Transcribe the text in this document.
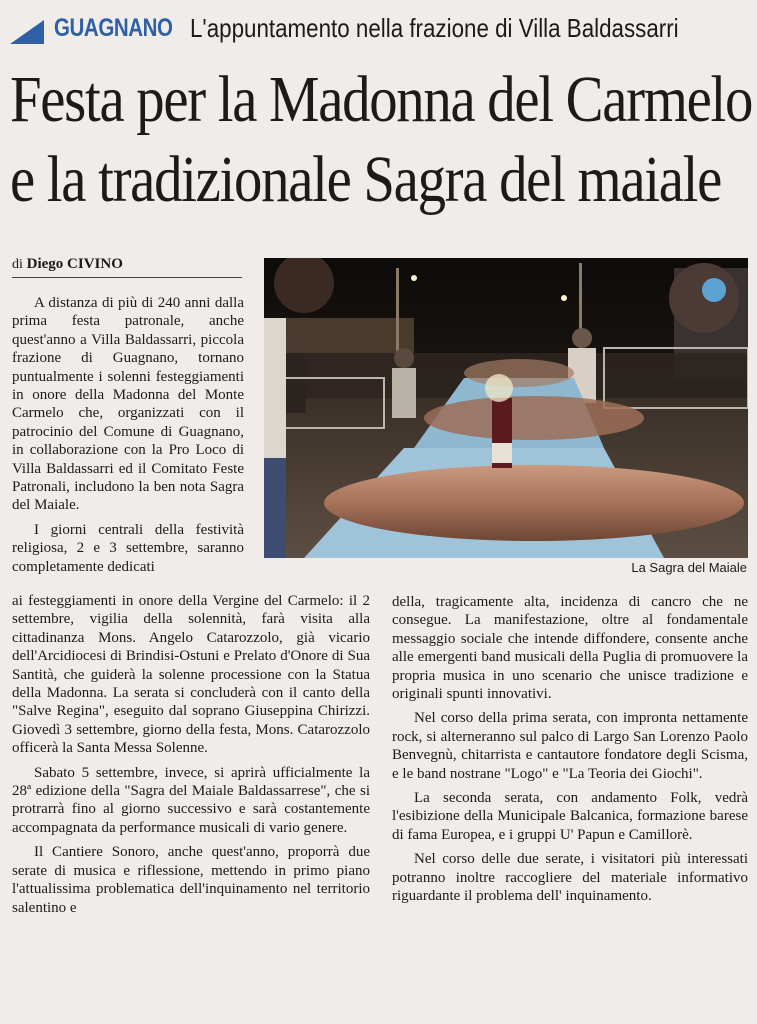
GUAGNANO L'appuntamento nella frazione di Villa Baldassarri
Festa per la Madonna del Carmelo
e la tradizionale Sagra del maiale
di Diego CIVINO
La Sagra del Maiale

A distanza di più di 240 anni dalla prima festa patronale, anche quest'anno a Villa Baldassarri, piccola frazione di Guagnano, tornano puntualmente i solenni festeggiamenti in onore della Madonna del Monte Carmelo che, organizzati con il patrocinio del Comune di Guagnano, in collaborazione con la Pro Loco di Villa Baldassarri ed il Comitato Feste Patronali, includono la ben nota Sagra del Maiale.

I giorni centrali della festività religiosa, 2 e 3 settembre, saranno completamente dedicati

ai festeggiamenti in onore della Vergine del Carmelo: il 2 settembre, vigilia della solennità, farà visita alla cittadinanza Mons. Angelo Catarozzolo, già vicario dell'Arcidiocesi di Brindisi-Ostuni e Prelato d'Onore di Sua Santità, che guiderà la solenne processione con la Statua della Madonna. La serata si concluderà con il canto della "Salve Regina", eseguito dal soprano Giuseppina Chirizzi. Giovedì 3 settembre, giorno della festa, Mons. Catarozzolo officerà la Santa Messa Solenne.

Sabato 5 settembre, invece, si aprirà ufficialmente la 28ª edizione della "Sagra del Maiale Baldassarrese", che si protrarrà fino al giorno successivo e sarà costantemente accompagnata da performance musicali di vario genere.

Il Cantiere Sonoro, anche quest'anno, proporrà due serate di musica e riflessione, mettendo in primo piano l'attualissima problematica dell'inquinamento nel territorio salentino e

della, tragicamente alta, incidenza di cancro che ne consegue. La manifestazione, oltre al fondamentale messaggio sociale che intende diffondere, consente anche alle emergenti band musicali della Puglia di promuovere la propria musica in uno scenario che unisce tradizione e originali spunti innovativi.

Nel corso della prima serata, con impronta nettamente rock, si alterneranno sul palco di Largo San Lorenzo Paolo Benvegnù, chitarrista e cantautore fondatore degli Scisma, e le band nostrane "Logo" e "La Teoria dei Giochi".

La seconda serata, con andamento Folk, vedrà l'esibizione della Municipale Balcanica, formazione barese di fama Europea, e i gruppi U' Papun e Camillorè.

Nel corso delle due serate, i visitatori più interessati potranno inoltre raccogliere del materiale informativo riguardante il problema dell' inquinamento.
